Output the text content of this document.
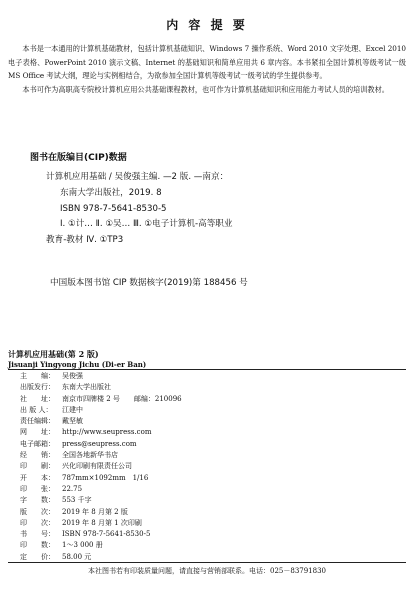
内 容 提 要

本书是一本通用的计算机基础教材，包括计算机基础知识、Windows 7 操作系统、Word 2010 文字处理、Excel 2010 电子表格、PowerPoint 2010 演示文稿、Internet 的基础知识和简单应用共 6 章内容。本书紧扣全国计算机等级考试一级 MS Office 考试大纲，理论与实例相结合，为欲参加全国计算机等级考试一级考试的学生提供参考。

本书可作为高职高专院校计算机应用公共基础课程教材，也可作为计算机基础知识和应用能力考试人员的培训教材。

图书在版编目(CIP)数据
计算机应用基础 / 吴俊强主编. —2 版. —南京：
东南大学出版社，2019. 8
ISBN 978-7-5641-8530-5
Ⅰ. ①计… Ⅱ. ①吴… Ⅲ. ①电子计算机-高等职业
教育-教材 Ⅳ. ①TP3
中国版本图书馆 CIP 数据核字(2019)第 188456 号
计算机应用基础(第 2 版)
Jisuanji Yingyong Jichu (Di-er Ban)
主　　编：	吴俊强
出版发行：	东南大学出版社
社　　址：	南京市四牌楼 2 号　　邮编：210096
出 版 人：	江建中
责任编辑：	戴坚敏
网　　址：	http://www.seupress.com
电子邮箱：	press@seupress.com
经　　销：	全国各地新华书店
印　　刷：	兴化印刷有限责任公司
开　　本：	787mm×1092mm　1/16
印　　张：	22.75
字　　数：	553 千字
版　　次：	2019 年 8 月第 2 版
印　　次：	2019 年 8 月第 1 次印刷
书　　号：	ISBN 978-7-5641-8530-5
印　　数：	1～3 000 册
定　　价：	58.00 元
本社图书若有印装质量问题，请直接与营销部联系。电话：025－83791830
